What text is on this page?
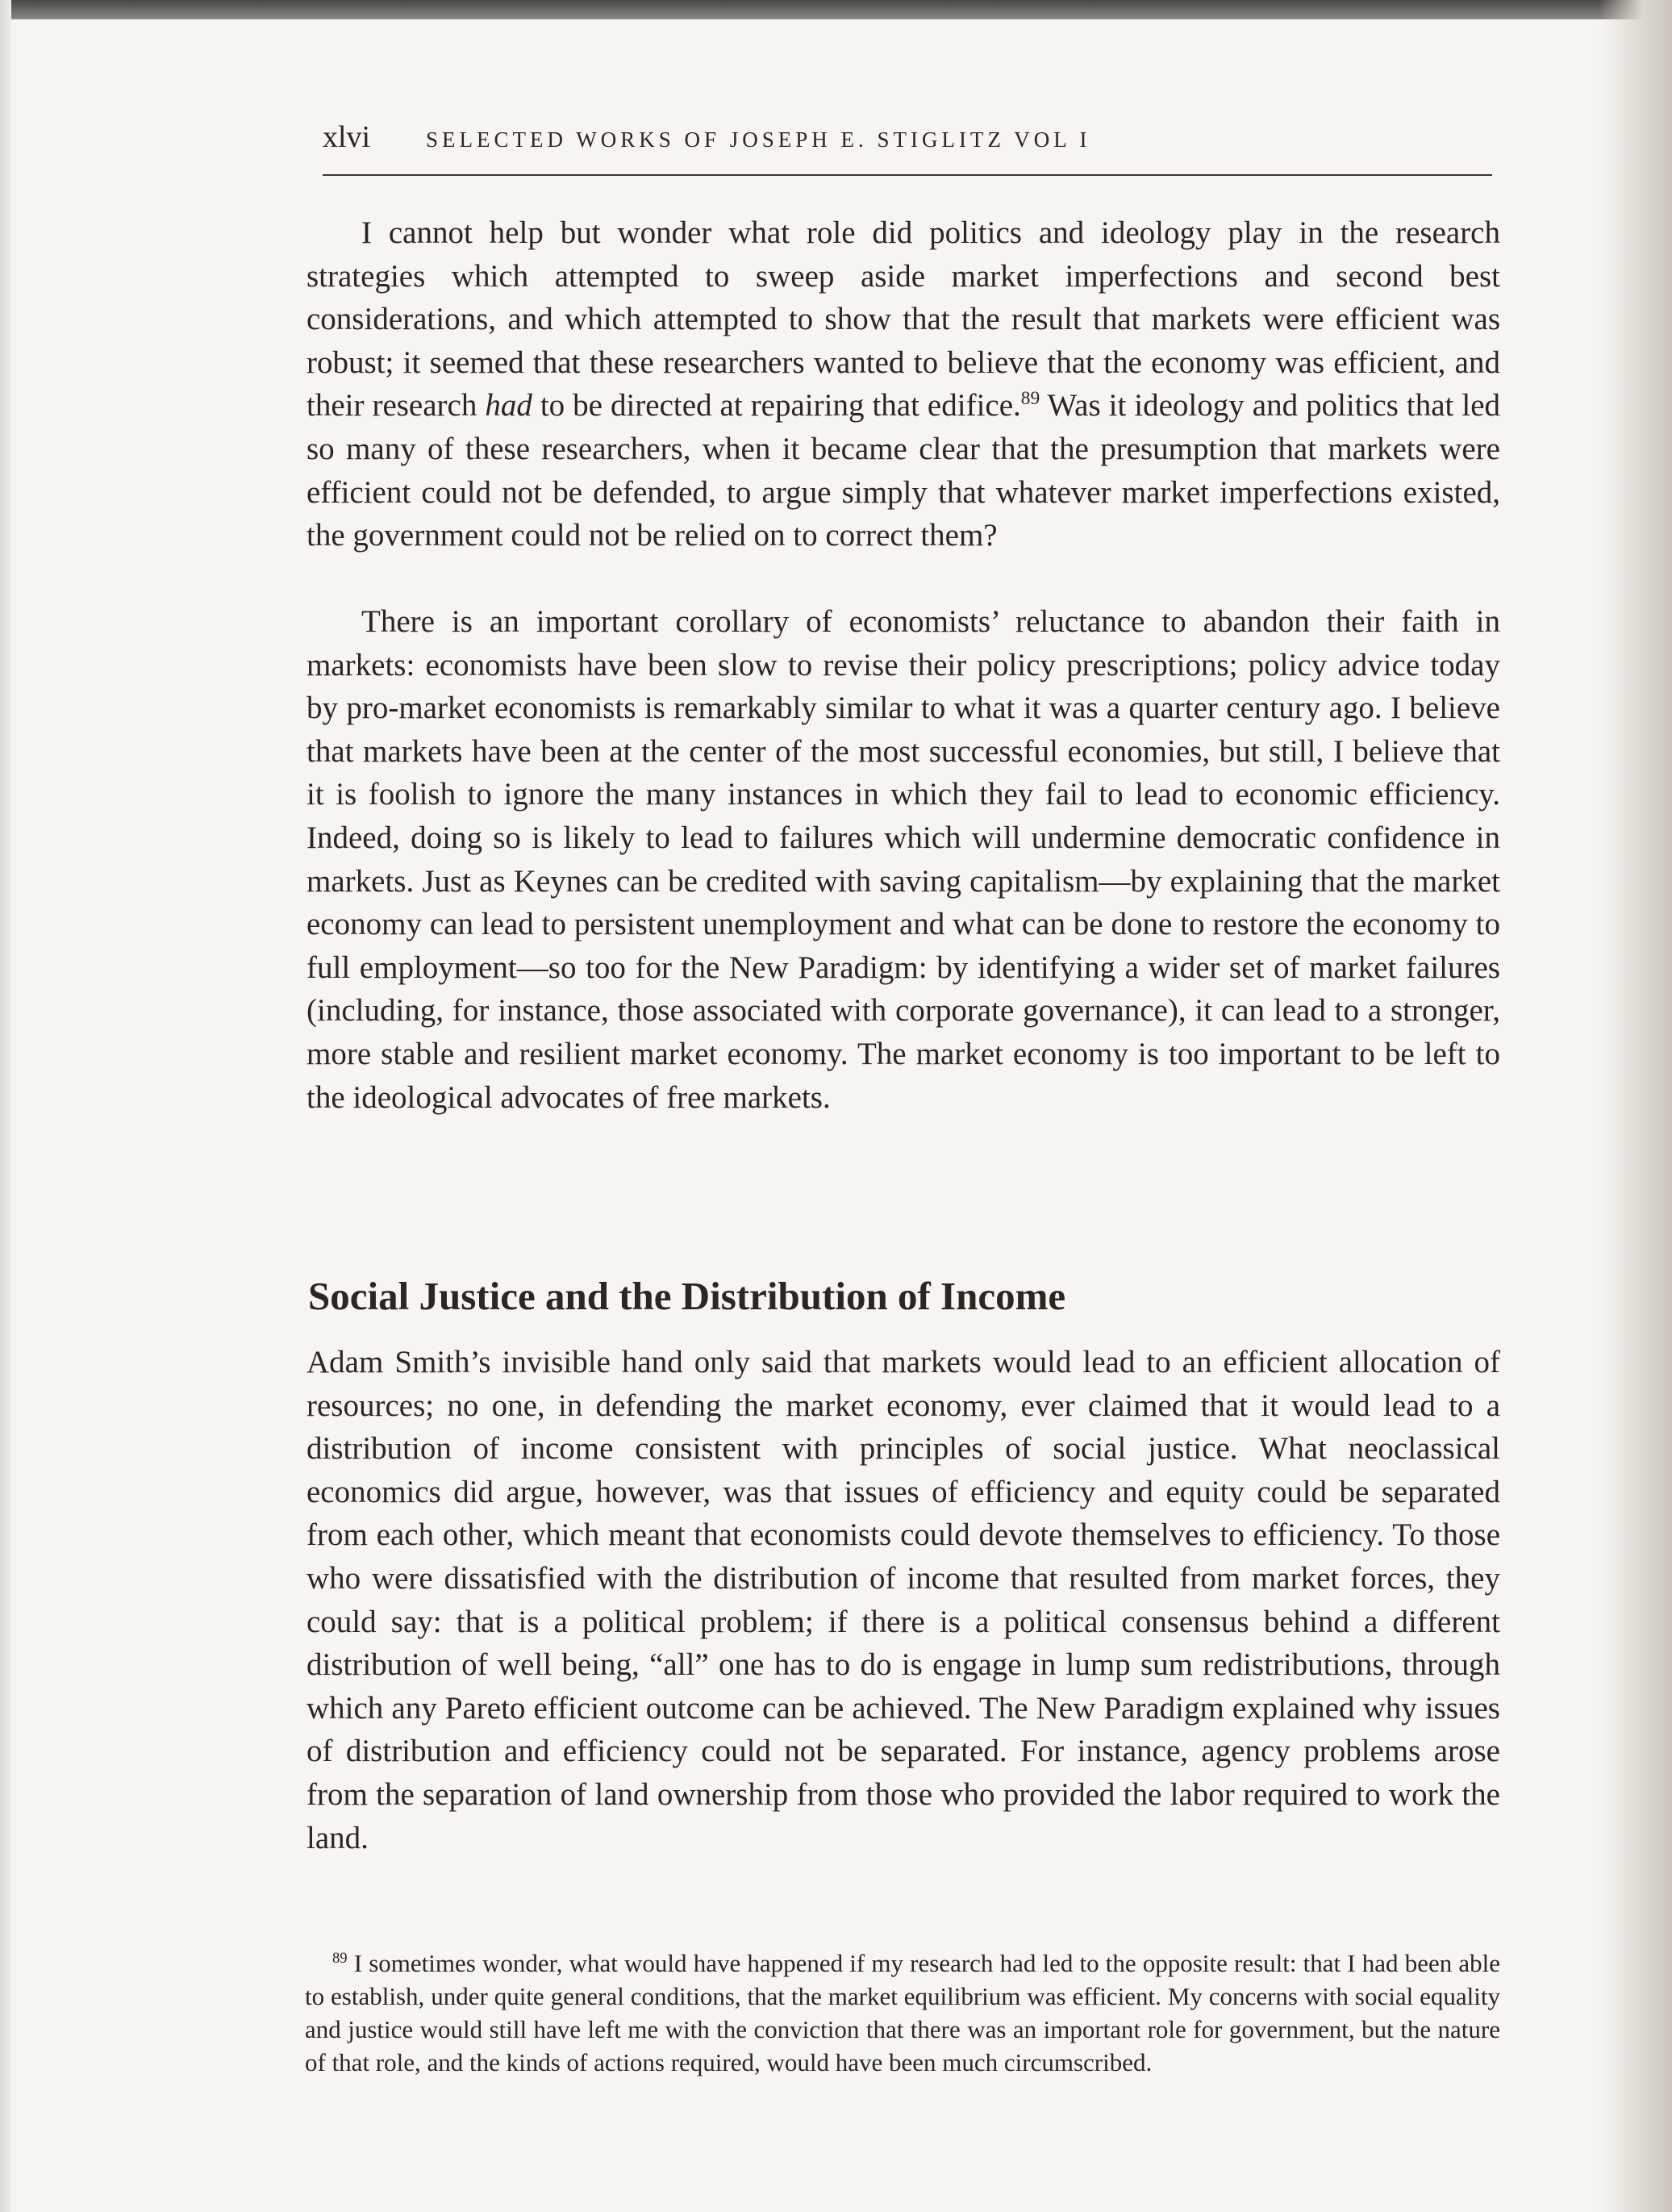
xlvi	SELECTED WORKS OF JOSEPH E. STIGLITZ VOL I

I cannot help but wonder what role did politics and ideology play in the research strategies which attempted to sweep aside market imperfections and second best considerations, and which attempted to show that the result that markets were efficient was robust; it seemed that these researchers wanted to believe that the economy was efficient, and their research had to be directed at repairing that edifice.$^{89}$ Was it ideology and politics that led so many of these researchers, when it became clear that the presumption that markets were efficient could not be defended, to argue simply that whatever market imperfections existed, the government could not be relied on to correct them?

There is an important corollary of economists’ reluctance to abandon their faith in markets: economists have been slow to revise their policy prescriptions; policy advice today by pro-market economists is remarkably similar to what it was a quarter century ago. I believe that markets have been at the center of the most successful economies, but still, I believe that it is foolish to ignore the many instances in which they fail to lead to economic efficiency. Indeed, doing so is likely to lead to failures which will undermine democratic confidence in markets. Just as Keynes can be credited with saving capitalism—by explaining that the market economy can lead to persistent unemployment and what can be done to restore the economy to full employment—so too for the New Paradigm: by identifying a wider set of market failures (including, for instance, those associated with corporate governance), it can lead to a stronger, more stable and resilient market economy. The market economy is too important to be left to the ideological advocates of free markets.

Social Justice and the Distribution of Income

Adam Smith’s invisible hand only said that markets would lead to an efficient allocation of resources; no one, in defending the market economy, ever claimed that it would lead to a distribution of income consistent with principles of social justice. What neoclassical economics did argue, however, was that issues of efficiency and equity could be separated from each other, which meant that economists could devote themselves to efficiency. To those who were dissatisfied with the distribution of income that resulted from market forces, they could say: that is a political problem; if there is a political consensus behind a different distribution of well being, “all” one has to do is engage in lump sum redistributions, through which any Pareto efficient outcome can be achieved. The New Paradigm explained why issues of distribution and efficiency could not be separated. For instance, agency problems arose from the separation of land ownership from those who provided the labor required to work the land.

$^{89}$ I sometimes wonder, what would have happened if my research had led to the opposite result: that I had been able to establish, under quite general conditions, that the market equilibrium was efficient. My concerns with social equality and justice would still have left me with the conviction that there was an important role for government, but the nature of that role, and the kinds of actions required, would have been much circumscribed.
